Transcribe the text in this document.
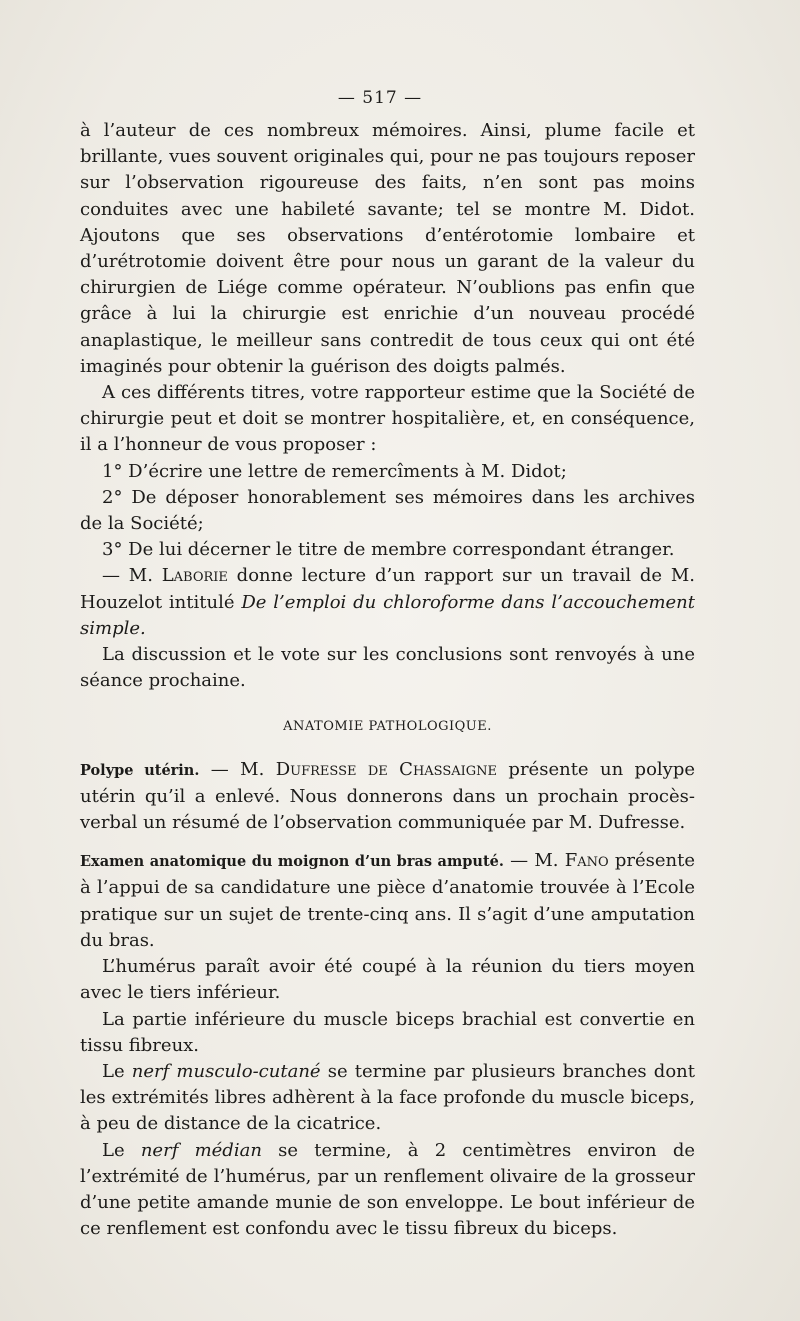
— 517 —

à l’auteur de ces nombreux mémoires. Ainsi, plume facile et brillante, vues souvent originales qui, pour ne pas toujours reposer sur l’observation rigoureuse des faits, n’en sont pas moins conduites avec une habileté savante; tel se montre M. Didot. Ajoutons que ses observations d’entérotomie lombaire et d’urétrotomie doivent être pour nous un garant de la valeur du chirurgien de Liége comme opérateur. N’oublions pas enfin que grâce à lui la chirurgie est enrichie d’un nouveau procédé anaplastique, le meilleur sans contredit de tous ceux qui ont été imaginés pour obtenir la guérison des doigts palmés.

A ces différents titres, votre rapporteur estime que la Société de chirurgie peut et doit se montrer hospitalière, et, en conséquence, il a l’honneur de vous proposer :

1° D’écrire une lettre de remercîments à M. Didot;

2° De déposer honorablement ses mémoires dans les archives de la Société;

3° De lui décerner le titre de membre correspondant étranger.

— M. Laborie donne lecture d’un rapport sur un travail de M. Houzelot intitulé De l’emploi du chloroforme dans l’accouchement simple.

La discussion et le vote sur les conclusions sont renvoyés à une séance prochaine.

ANATOMIE PATHOLOGIQUE.

Polype utérin. — M. Dufresse de Chassaigne présente un polype utérin qu’il a enlevé. Nous donnerons dans un prochain procès-verbal un résumé de l’observation communiquée par M. Dufresse.

Examen anatomique du moignon d’un bras amputé. — M. Fano présente à l’appui de sa candidature une pièce d’anatomie trouvée à l’Ecole pratique sur un sujet de trente-cinq ans. Il s’agit d’une amputation du bras.

L’humérus paraît avoir été coupé à la réunion du tiers moyen avec le tiers inférieur.

La partie inférieure du muscle biceps brachial est convertie en tissu fibreux.

Le nerf musculo-cutané se termine par plusieurs branches dont les extrémités libres adhèrent à la face profonde du muscle biceps, à peu de distance de la cicatrice.

Le nerf médian se termine, à 2 centimètres environ de l’extrémité de l’humérus, par un renflement olivaire de la grosseur d’une petite amande munie de son enveloppe. Le bout inférieur de ce renflement est confondu avec le tissu fibreux du biceps.
